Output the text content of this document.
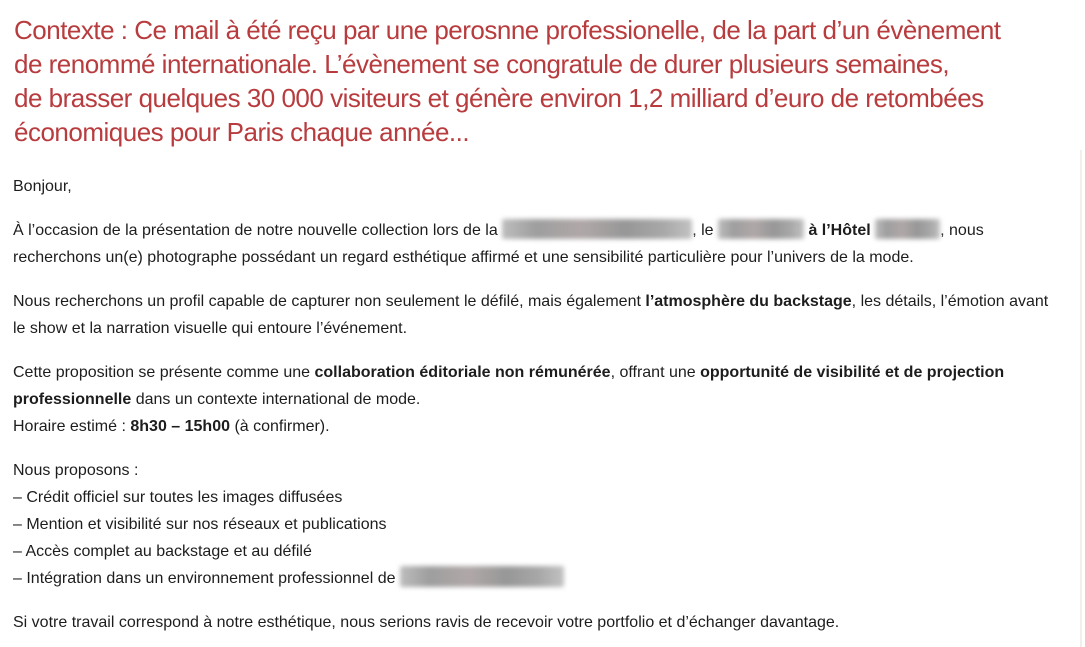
Contexte : Ce mail à été reçu par une perosnne professionelle, de la part d’un évènement
de renommé internationale. L’évènement se congratule de durer plusieurs semaines,
de brasser quelques 30 000 visiteurs et génère environ 1,2 milliard d’euro de retombées
économiques pour Paris chaque année...
Bonjour,
À l’occasion de la présentation de notre nouvelle collection lors de la	, le	à l’Hôtel	, nous recherchons un(e) photographe possédant un regard esthétique affirmé et une sensibilité particulière pour l’univers de la mode.
Nous recherchons un profil capable de capturer non seulement le défilé, mais également l’atmosphère du backstage, les détails, l’émotion avant le show et la narration visuelle qui entoure l’événement.
Cette proposition se présente comme une collaboration éditoriale non rémunérée, offrant une opportunité de visibilité et de projection professionnelle dans un contexte international de mode.
Horaire estimé : 8h30 – 15h00 (à confirmer).
Nous proposons :
– Crédit officiel sur toutes les images diffusées
– Mention et visibilité sur nos réseaux et publications
– Accès complet au backstage et au défilé
– Intégration dans un environnement professionnel de
Si votre travail correspond à notre esthétique, nous serions ravis de recevoir votre portfolio et d’échanger davantage.
